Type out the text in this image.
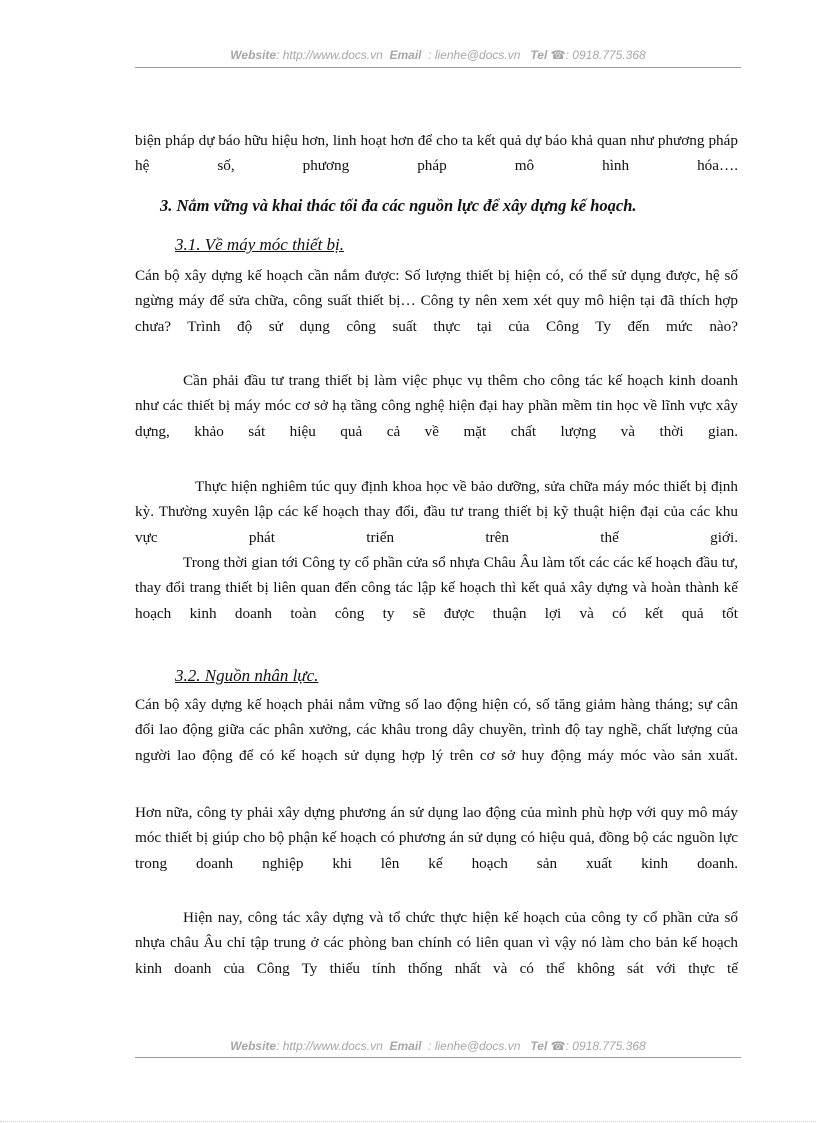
Website: http://www.docs.vn Email : lienhe@docs.vn Tel ☎: 0918.775.368
biện pháp dự báo hữu hiệu hơn, linh hoạt hơn để cho ta kết quả dự báo khả quan như phương pháp hệ số, phương pháp mô hình hóa….
3. Nắm vững và khai thác tối đa các nguồn lực để xây dựng kế hoạch.
3.1. Về máy móc thiết bị.
Cán bộ xây dựng kế hoạch cần nắm được: Số lượng thiết bị hiện có, có thể sử dụng được, hệ số ngừng máy để sửa chữa, công suất thiết bị… Công ty nên xem xét quy mô hiện tại đã thích hợp chưa? Trình độ sử dụng công suất thực tại của Công Ty đến mức nào?
Cần phải đầu tư trang thiết bị làm việc phục vụ thêm cho công tác kế hoạch kinh doanh như các thiết bị máy móc cơ sở hạ tầng công nghệ hiện đại hay phần mềm tin học về lĩnh vực xây dựng, khảo sát hiệu quả cả về mặt chất lượng và thời gian.
Thực hiện nghiêm túc quy định khoa học về bảo dưỡng, sửa chữa máy móc thiết bị định kỳ. Thường xuyên lập các kế hoạch thay đổi, đầu tư trang thiết bị kỹ thuật hiện đại của các khu vực phát triển trên thế giới.
Trong thời gian tới Công ty cổ phần cửa sổ nhựa Châu Âu làm tốt các các kế hoạch đầu tư, thay đổi trang thiết bị liên quan đến công tác lập kế hoạch thì kết quả xây dựng và hoàn thành kế hoạch kinh doanh toàn công ty sẽ được thuận lợi và có kết quả tốt
3.2. Nguồn nhân lực.
Cán bộ xây dựng kế hoạch phải nắm vững số lao động hiện có, số tăng giảm hàng tháng; sự cân đối lao động giữa các phân xưởng, các khâu trong dây chuyền, trình độ tay nghề, chất lượng của người lao động để có kế hoạch sử dụng hợp lý trên cơ sở huy động máy móc vào sản xuất.
Hơn nữa, công ty phải xây dựng phương án sử dụng lao động của mình phù hợp với quy mô máy móc thiết bị giúp cho bộ phận kế hoạch có phương án sử dụng có hiệu quả, đồng bộ các nguồn lực trong doanh nghiệp khi lên kế hoạch sản xuất kinh doanh.
Hiện nay, công tác xây dựng và tổ chức thực hiện kế hoạch của công ty cổ phần cửa sổ nhựa châu Âu chỉ tập trung ở các phòng ban chính có liên quan vì vậy nó làm cho bản kế hoạch kinh doanh của Công Ty thiếu tính thống nhất và có thể không sát với thực tế
Website: http://www.docs.vn Email : lienhe@docs.vn Tel ☎: 0918.775.368
